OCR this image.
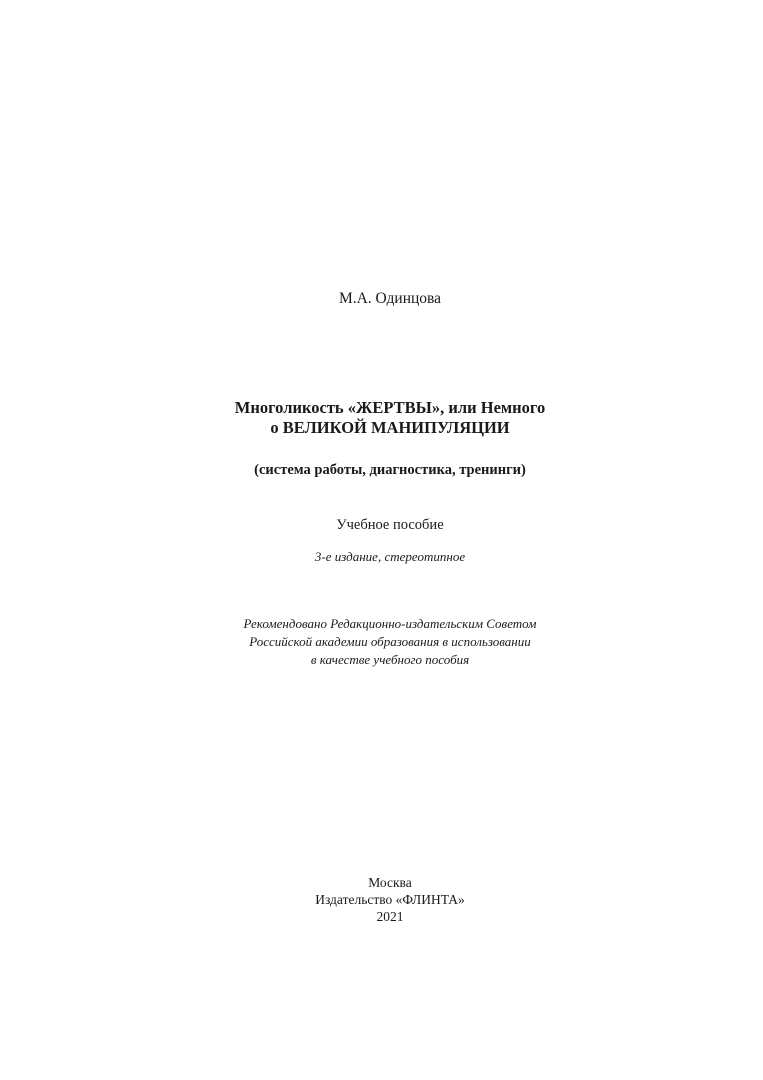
М.А. Одинцова
Многоликость «ЖЕРТВЫ», или Немного
о ВЕЛИКОЙ МАНИПУЛЯЦИИ
(система работы, диагностика, тренинги)
Учебное пособие
3-е издание, стереотипное
Рекомендовано Редакционно-издательским Советом
Российской академии образования в использовании
в качестве учебного пособия
Москва
Издательство «ФЛИНТА»
2021
